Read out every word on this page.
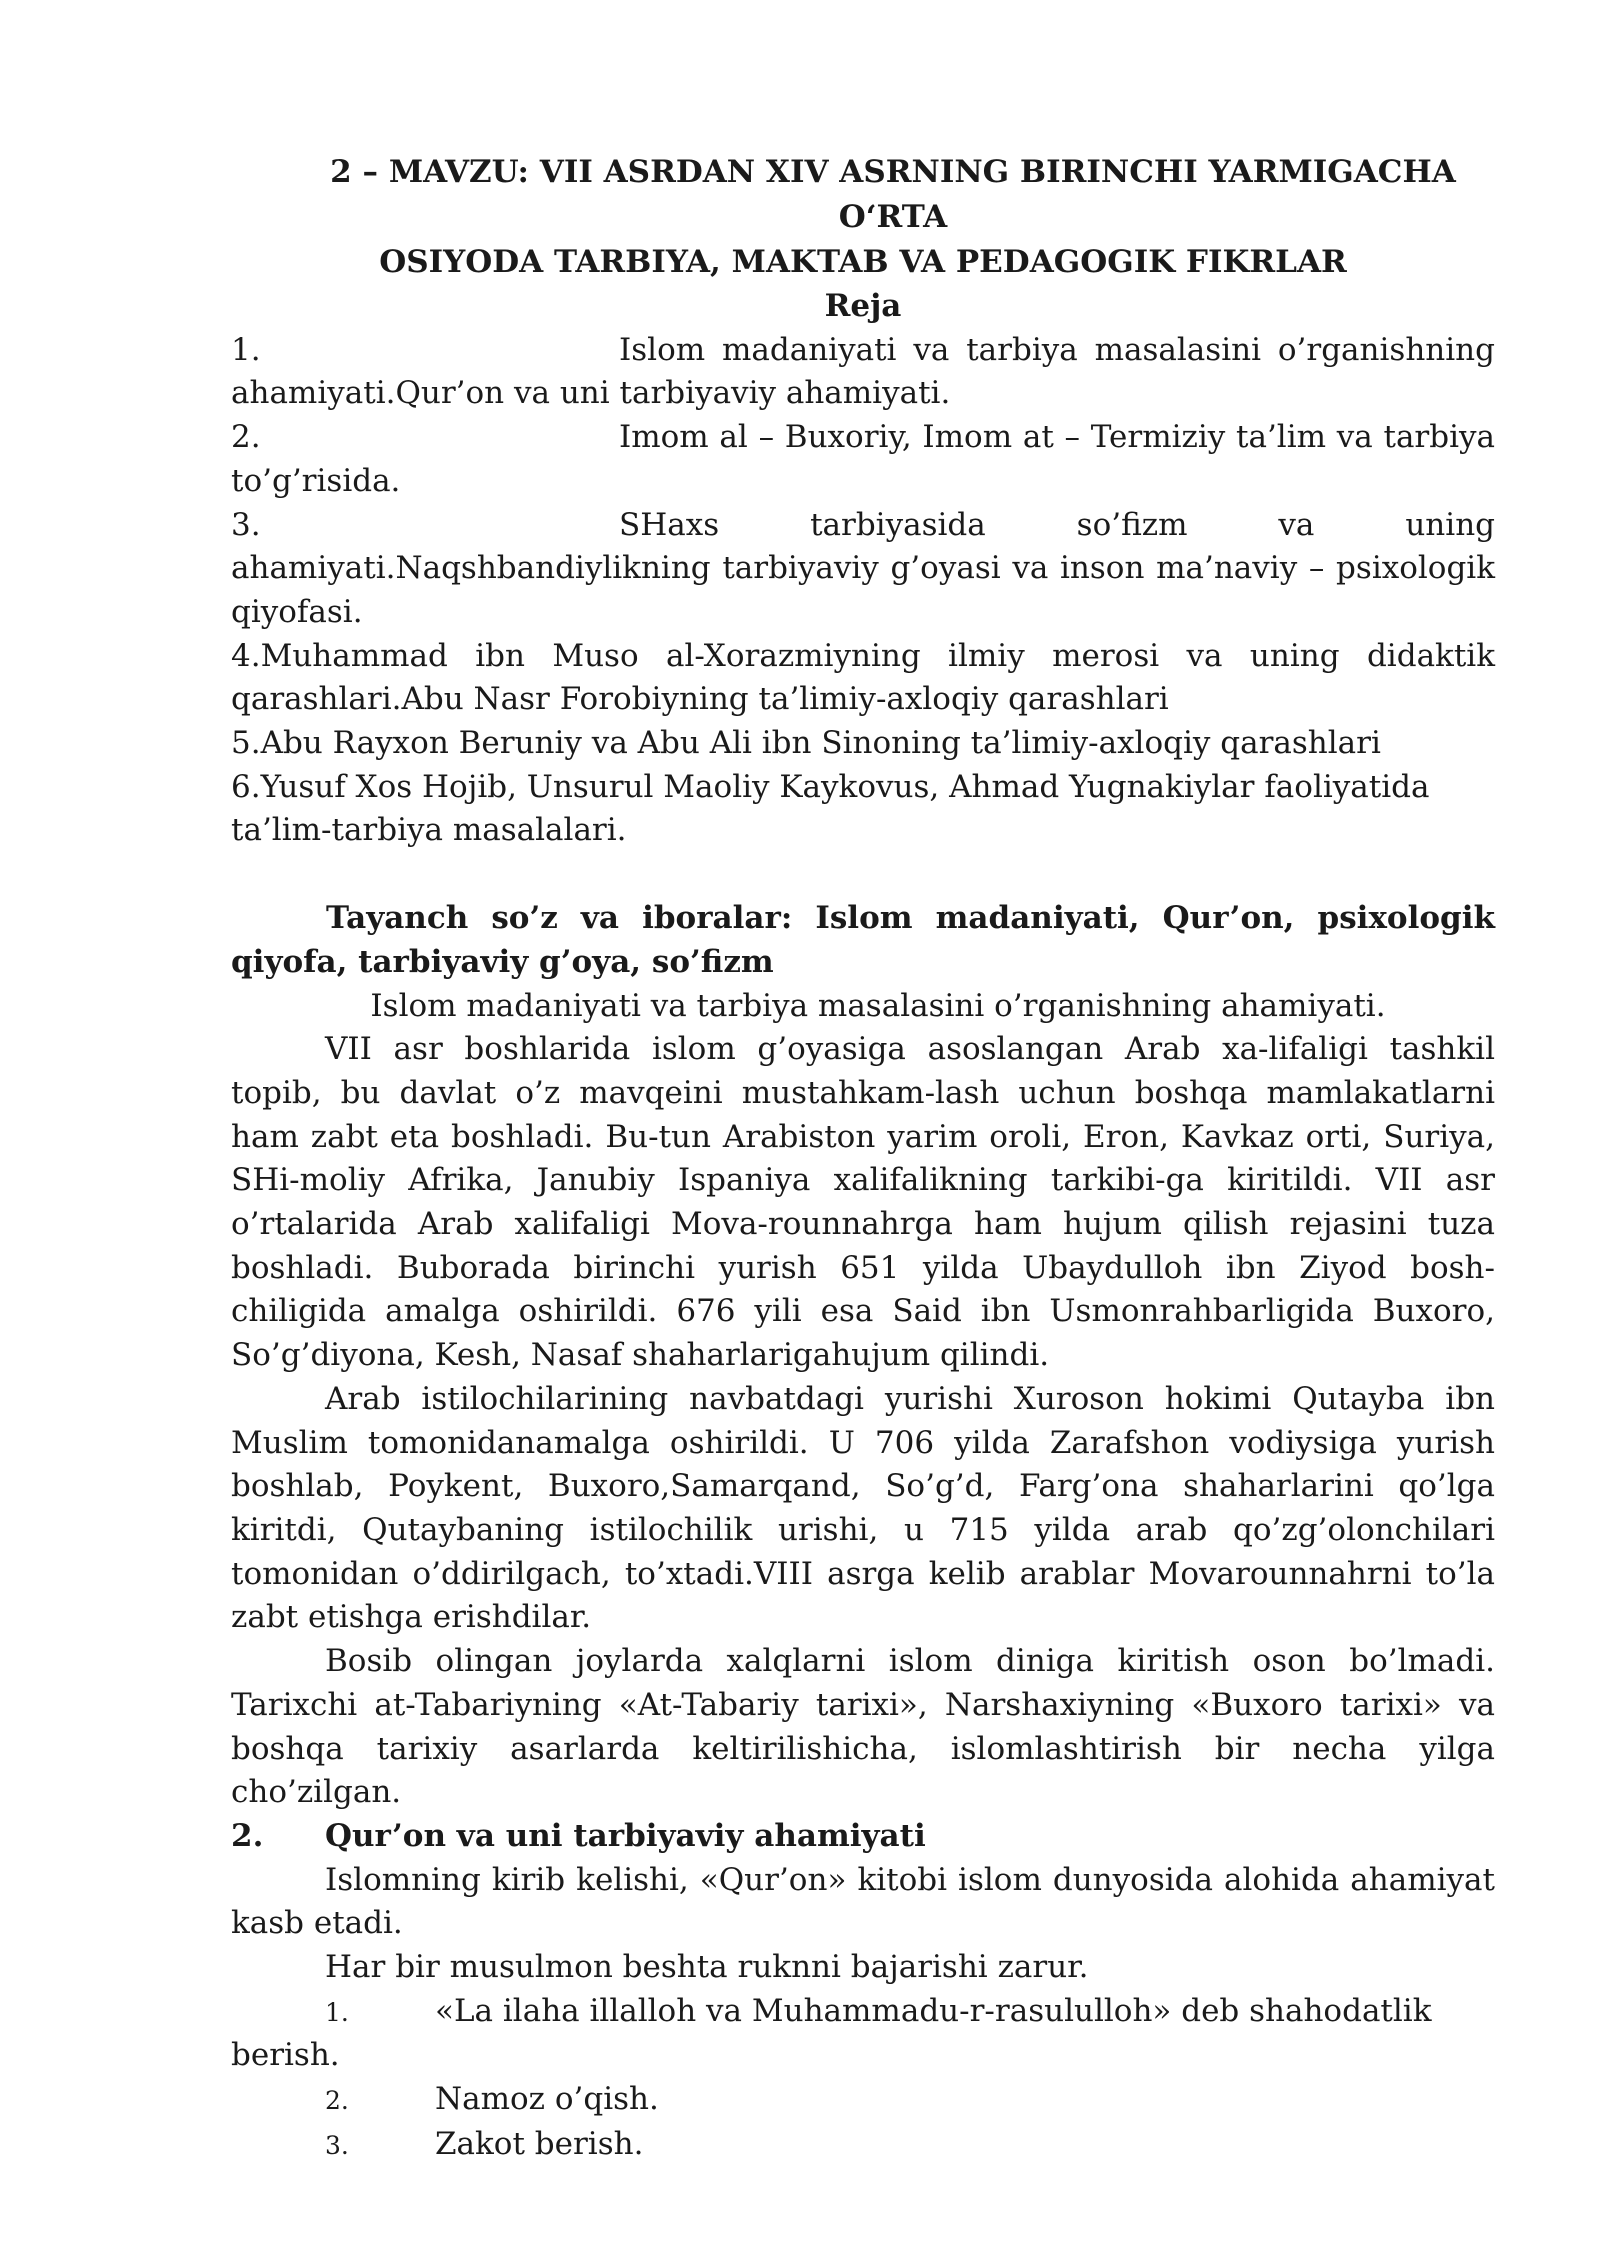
2 – MAVZU: VII ASRDAN XIV ASRNING BIRINCHI YARMIGACHA O‘RTA
OSIYODA TARBIYA, MAKTAB VA PEDAGOGIK FIKRLAR

Reja

1.	Islom madaniyati va tarbiya masalasini o’rganishning ahamiyati.Qur’on va uni tarbiyaviy ahamiyati.

2.	Imom al – Buxoriy, Imom at – Termiziy ta’lim va tarbiya to’g’risida.

3.	SHaxs tarbiyasida so’fizm va uning ahamiyati.Naqshbandiylikning tarbiyaviy g’oyasi va inson ma’naviy – psixologik qiyofasi.

4.Muhammad ibn Muso al-Xorazmiyning ilmiy merosi va uning didaktik qarashlari.Abu Nasr Forobiyning ta’limiy-axloqiy qarashlari

5.Abu Rayxon Beruniy va Abu Ali ibn Sinoning ta’limiy-axloqiy qarashlari

6.Yusuf Xos Hojib, Unsurul Maoliy Kaykovus, Ahmad Yugnakiylar faoliyatida ta’lim-tarbiya masalalari.

Tayanch so’z va iboralar: Islom madaniyati, Qur’on, psixologik qiyofa, tarbiyaviy g’oya, so’fizm

Islom madaniyati va tarbiya masalasini o’rganishning ahamiyati.

VII asr boshlarida islom g’oyasiga asoslangan Arab xa-lifaligi tashkil topib, bu davlat o’z mavqeini mustahkam-lash uchun boshqa mamlakatlarni ham zabt eta boshladi. Bu-tun Arabiston yarim oroli, Eron, Kavkaz orti, Suriya, SHi-moliy Afrika, Janubiy Ispaniya xalifalikning tarkibi-ga kiritildi. VII asr o’rtalarida Arab xalifaligi Mova-rounnahrga ham hujum qilish rejasini tuza boshladi. Buborada birinchi yurish 651 yilda Ubaydulloh ibn Ziyod bosh-chiligida amalga oshirildi. 676 yili esa Said ibn Usmonrahbarligida Buxoro, So’g’diyona, Kesh, Nasaf shaharlarigahujum qilindi.

Arab istilochilarining navbatdagi yurishi Xuroson hokimi Qutayba ibn Muslim tomonidanamalga oshirildi. U 706 yilda Zarafshon vodiysiga yurish boshlab, Poykent, Buxoro,Samarqand, So’g’d, Farg’ona shaharlarini qo’lga kiritdi, Qutaybaning istilochilik urishi, u 715 yilda arab qo’zg’olonchilari tomonidan o’ddirilgach, to’xtadi.VIII asrga kelib arablar Movarounnahrni to’la zabt etishga erishdilar.

Bosib olingan joylarda xalqlarni islom diniga kiritish oson bo’lmadi. Tarixchi at-Tabariyning «At-Tabariy tarixi», Narshaxiyning «Buxoro tarixi» va boshqa tarixiy asarlarda keltirilishicha, islomlashtirish bir necha yilga cho’zilgan.

2. Qur’on va uni tarbiyaviy ahamiyati

Islomning kirib kelishi, «Qur’on» kitobi islom dunyosida alohida ahamiyat kasb etadi.

Har bir musulmon beshta ruknni bajarishi zarur.

1.	«La ilaha illalloh va Muhammadu-r-rasululloh» deb shahodatlik berish.

2.	Namoz o’qish.

3.	Zakot berish.
